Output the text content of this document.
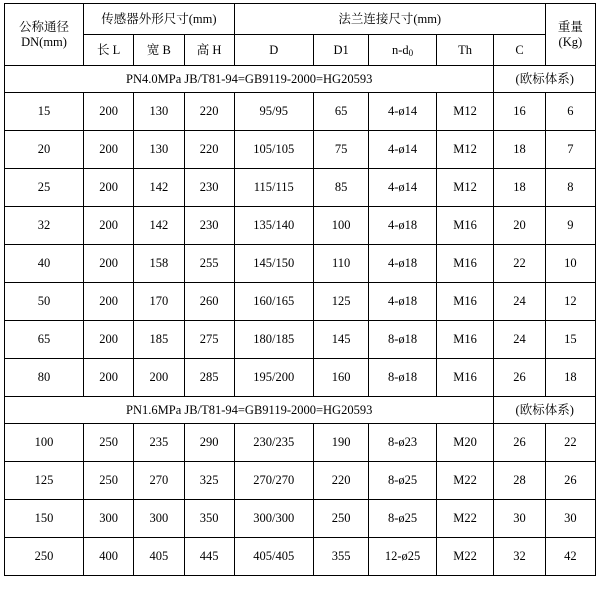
公称通径
DN(mm)	传感器外形尺寸(mm)			法兰连接尺寸(mm)					重量
(Kg)

	长 L	宽 B	高 H	D	D1	$n-d_0$	Th	C	
PN4.0MPa JB/T81-94=GB9119-2000=HG20593								(欧标体系)	
15	200	130	220	95/95	65	4-ø14	M12	16	6
20	200	130	220	105/105	75	4-ø14	M12	18	7
25	200	142	230	115/115	85	4-ø14	M12	18	8
32	200	142	230	135/140	100	4-ø18	M16	20	9
40	200	158	255	145/150	110	4-ø18	M16	22	10
50	200	170	260	160/165	125	4-ø18	M16	24	12
65	200	185	275	180/185	145	8-ø18	M16	24	15
80	200	200	285	195/200	160	8-ø18	M16	26	18
PN1.6MPa JB/T81-94=GB9119-2000=HG20593								(欧标体系)	
100	250	235	290	230/235	190	8-ø23	M20	26	22
125	250	270	325	270/270	220	8-ø25	M22	28	26
150	300	300	350	300/300	250	8-ø25	M22	30	30
250	400	405	445	405/405	355	12-ø25	M22	32	42
